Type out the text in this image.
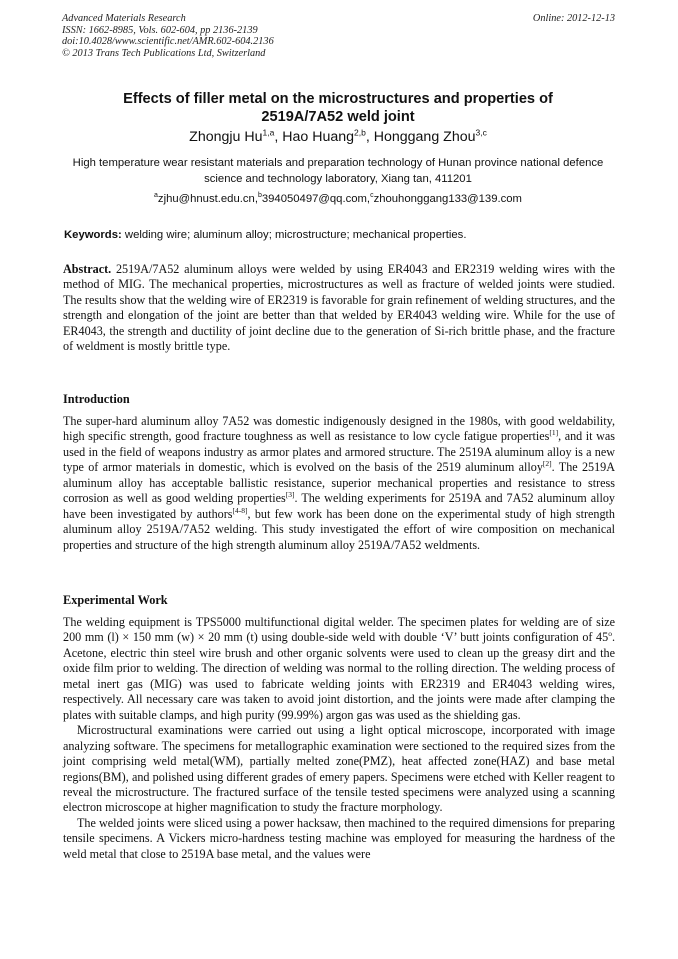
Advanced Materials Research
ISSN: 1662-8985, Vols. 602-604, pp 2136-2139
doi:10.4028/www.scientific.net/AMR.602-604.2136
© 2013 Trans Tech Publications Ltd, Switzerland
Online: 2012-12-13
Effects of filler metal on the microstructures and properties of
2519A/7A52 weld joint
Zhongju Hu$^{1,a}$, Hao Huang$^{2,b}$, Honggang Zhou$^{3,c}$
High temperature wear resistant materials and preparation technology of Hunan province national defence science and technology laboratory, Xiang tan, 411201
$^a$zjhu@hnust.edu.cn,$^b$394050497@qq.com,$^c$zhouhonggang133@139.com
Keywords: welding wire; aluminum alloy; microstructure; mechanical properties.

Abstract. 2519A/7A52 aluminum alloys were welded by using ER4043 and ER2319 welding wires with the method of MIG. The mechanical properties, microstructures as well as fracture of welded joints were studied. The results show that the welding wire of ER2319 is favorable for grain refinement of welding structures, and the strength and elongation of the joint are better than that welded by ER4043 welding wire. While for the use of ER4043, the strength and ductility of joint decline due to the generation of Si-rich brittle phase, and the fracture of weldment is mostly brittle type.

Introduction

The super-hard aluminum alloy 7A52 was domestic indigenously designed in the 1980s, with good weldability, high specific strength, good fracture toughness as well as resistance to low cycle fatigue properties[1], and it was used in the field of weapons industry as armor plates and armored structure. The 2519A aluminum alloy is a new type of armor materials in domestic, which is evolved on the basis of the 2519 aluminum alloy[2]. The 2519A aluminum alloy has acceptable ballistic resistance, superior mechanical properties and resistance to stress corrosion as well as good welding properties[3]. The welding experiments for 2519A and 7A52 aluminum alloy have been investigated by authors[4-8], but few work has been done on the experimental study of high strength aluminum alloy 2519A/7A52 welding. This study investigated the effort of wire composition on mechanical properties and structure of the high strength aluminum alloy 2519A/7A52 weldments.

Experimental Work

The welding equipment is TPS5000 multifunctional digital welder. The specimen plates for welding are of size 200 mm (l) × 150 mm (w) × 20 mm (t) using double-side weld with double ‘V’ butt joints configuration of 45$^o$. Acetone, electric thin steel wire brush and other organic solvents were used to clean up the greasy dirt and the oxide film prior to welding. The direction of welding was normal to the rolling direction. The welding process of metal inert gas (MIG) was used to fabricate welding joints with ER2319 and ER4043 welding wires, respectively. All necessary care was taken to avoid joint distortion, and the joints were made after clamping the plates with suitable clamps, and high purity (99.99%) argon gas was used as the shielding gas.

Microstructural examinations were carried out using a light optical microscope, incorporated with image analyzing software. The specimens for metallographic examination were sectioned to the required sizes from the joint comprising weld metal(WM), partially melted zone(PMZ), heat affected zone(HAZ) and base metal regions(BM), and polished using different grades of emery papers. Specimens were etched with Keller reagent to reveal the microstructure. The fractured surface of the tensile tested specimens were analyzed using a scanning electron microscope at higher magnification to study the fracture morphology.

The welded joints were sliced using a power hacksaw, then machined to the required dimensions for preparing tensile specimens. A Vickers micro-hardness testing machine was employed for measuring the hardness of the weld metal that close to 2519A base metal, and the values were
